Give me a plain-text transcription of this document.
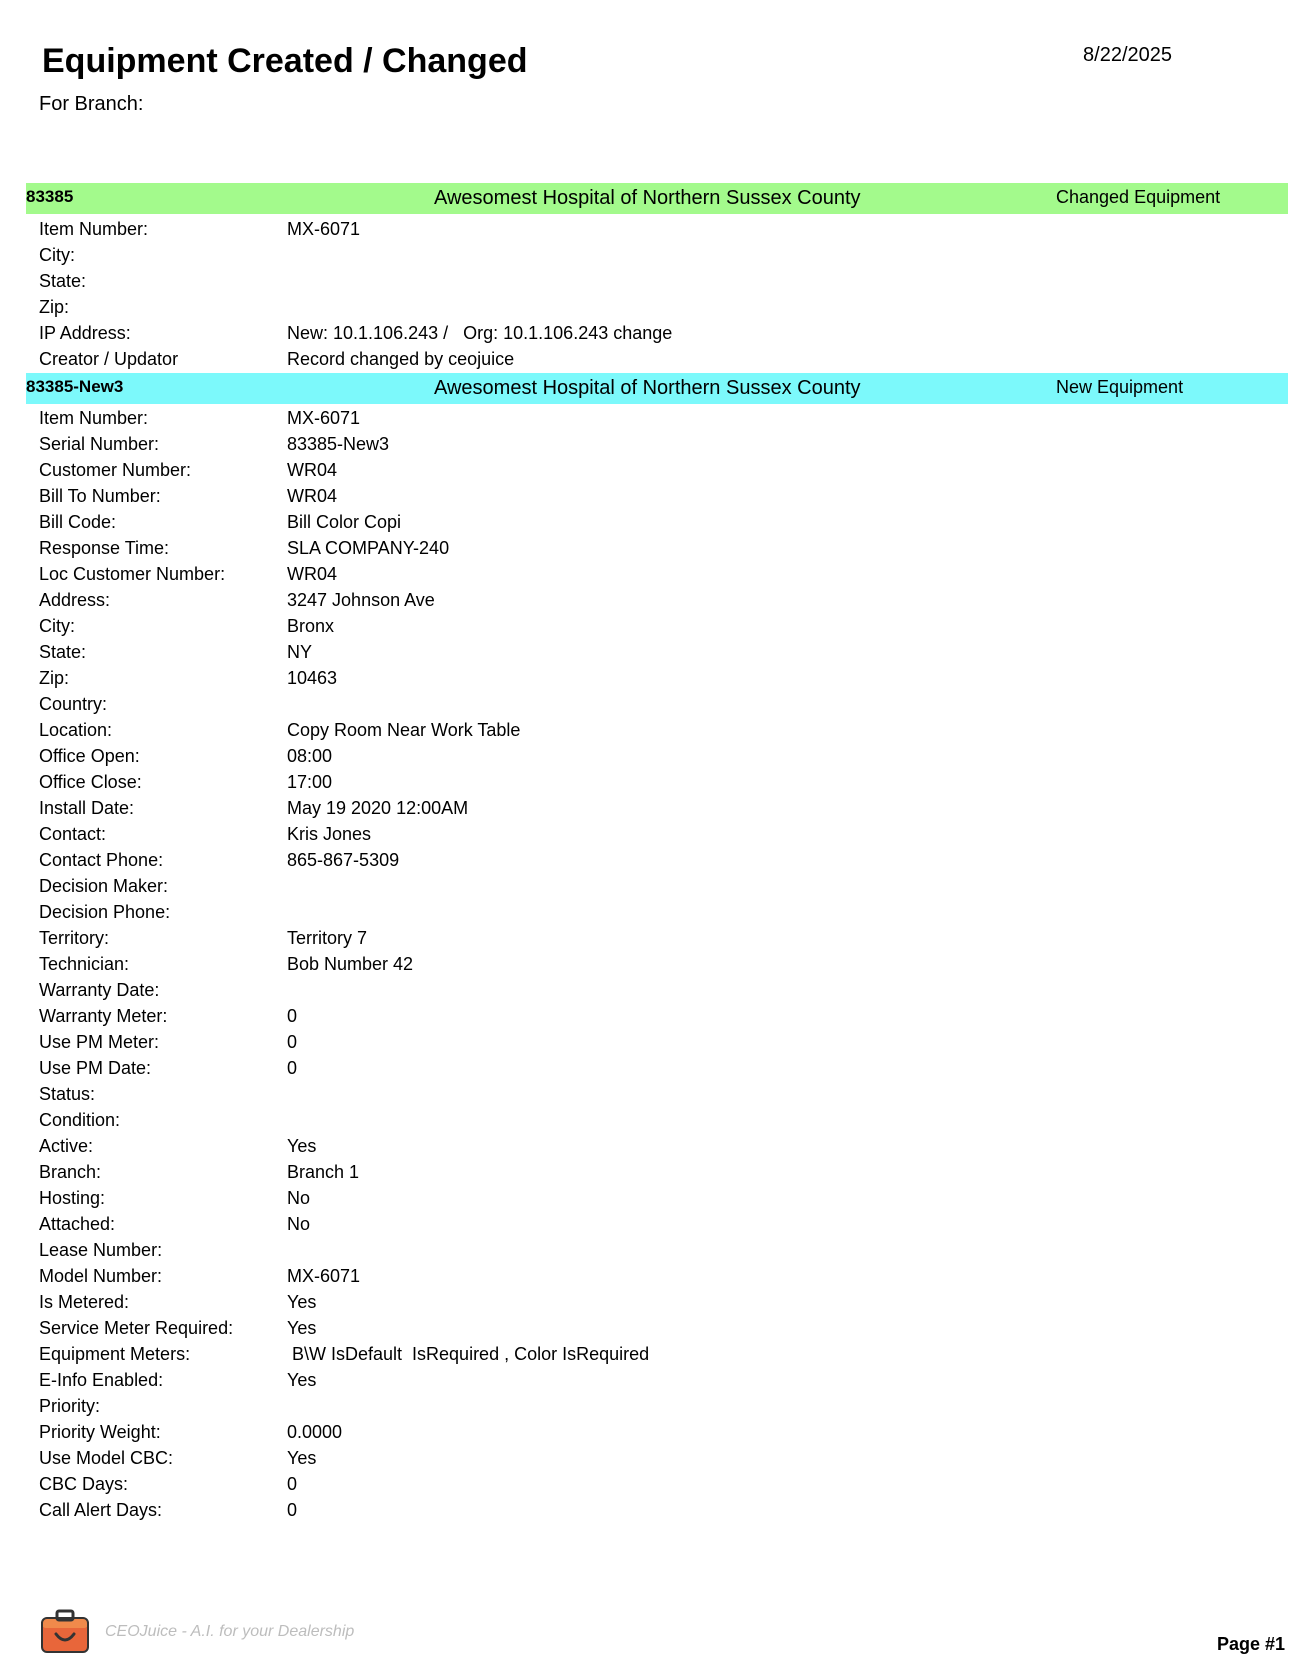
Equipment Created / Changed	8/22/2025
For Branch:
83385	Awesomest Hospital of Northern Sussex County	Changed Equipment
Item Number:	MX-6071
City:
State:
Zip:
IP Address:	New: 10.1.106.243 /   Org: 10.1.106.243 change
Creator / Updator	Record changed by ceojuice
83385-New3	Awesomest Hospital of Northern Sussex County	New Equipment
Item Number:	MX-6071
Serial Number:	83385-New3
Customer Number:	WR04
Bill To Number:	WR04
Bill Code:	Bill Color Copi
Response Time:	SLA COMPANY-240
Loc Customer Number:	WR04
Address:	3247 Johnson Ave
City:	Bronx
State:	NY
Zip:	10463
Country:
Location:	Copy Room Near Work Table
Office Open:	08:00
Office Close:	17:00
Install Date:	May 19 2020 12:00AM
Contact:	Kris Jones
Contact Phone:	865-867-5309
Decision Maker:
Decision Phone:
Territory:	Territory 7
Technician:	Bob Number 42
Warranty Date:
Warranty Meter:	0
Use PM Meter:	0
Use PM Date:	0
Status:
Condition:
Active:	Yes
Branch:	Branch 1
Hosting:	No
Attached:	No
Lease Number:
Model Number:	MX-6071
Is Metered:	Yes
Service Meter Required:	Yes
Equipment Meters:	B\W IsDefault  IsRequired , Color IsRequired
E-Info Enabled:	Yes
Priority:
Priority Weight:	0.0000
Use Model CBC:	Yes
CBC Days:	0
Call Alert Days:	0
CEOJuice - A.I. for your Dealership
Page #1
